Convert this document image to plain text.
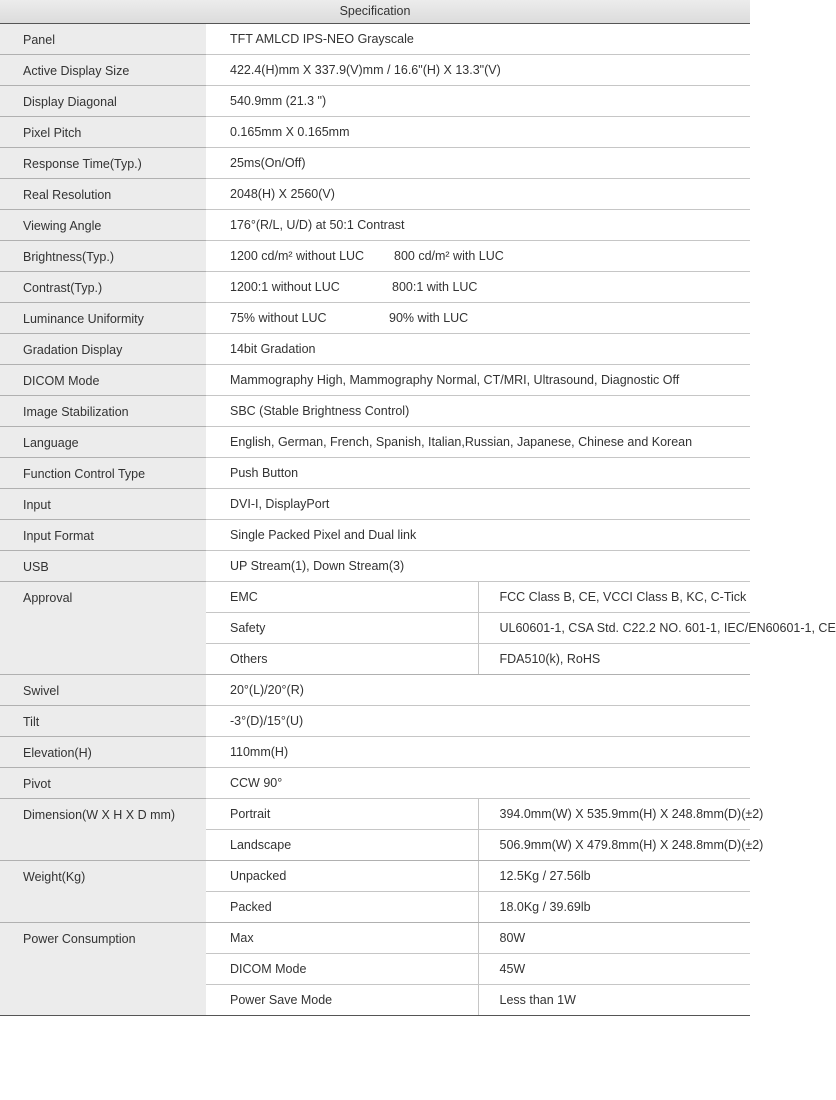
Specification
Panel	TFT AMLCD IPS-NEO Grayscale	
Active Display Size	422.4(H)mm X 337.9(V)mm / 16.6"(H) X 13.3"(V)	
Display Diagonal	540.9mm (21.3 ")	
Pixel Pitch	0.165mm X 0.165mm	
Response Time(Typ.)	25ms(On/Off)	
Real Resolution	2048(H) X 2560(V)	
Viewing Angle	176°(R/L, U/D) at 50:1 Contrast	
Brightness(Typ.)	1200 cd/m² without LUC 800 cd/m² with LUC	
Contrast(Typ.)	1200:1 without LUC 800:1 with LUC	
Luminance Uniformity	75% without LUC 90% with LUC	
Gradation Display	14bit Gradation	
DICOM Mode	Mammography High, Mammography Normal, CT/MRI, Ultrasound, Diagnostic Off	
Image Stabilization	SBC (Stable Brightness Control)	
Language	English, German, French, Spanish, Italian,Russian, Japanese, Chinese and Korean	
Function Control Type	Push Button	
Input	DVI-I, DisplayPort	
Input Format	Single Packed Pixel and Dual link	
USB	UP Stream(1), Down Stream(3)	
Approval	EMC	FCC Class B, CE, VCCI Class B, KC, C-Tick
	Safety	UL60601-1, CSA Std. C22.2 NO. 601-1, IEC/EN60601-1, CE
	Others	FDA510(k), RoHS
Swivel	20°(L)/20°(R)	
Tilt	-3°(D)/15°(U)	
Elevation(H)	110mm(H)	
Pivot	CCW 90°	
Dimension(W X H X D mm)	Portrait	394.0mm(W) X 535.9mm(H) X 248.8mm(D)(±2)
	Landscape	506.9mm(W) X 479.8mm(H) X 248.8mm(D)(±2)
Weight(Kg)	Unpacked	12.5Kg / 27.56lb
	Packed	18.0Kg / 39.69lb
Power Consumption	Max	80W
	DICOM Mode	45W
	Power Save Mode	Less than 1W
